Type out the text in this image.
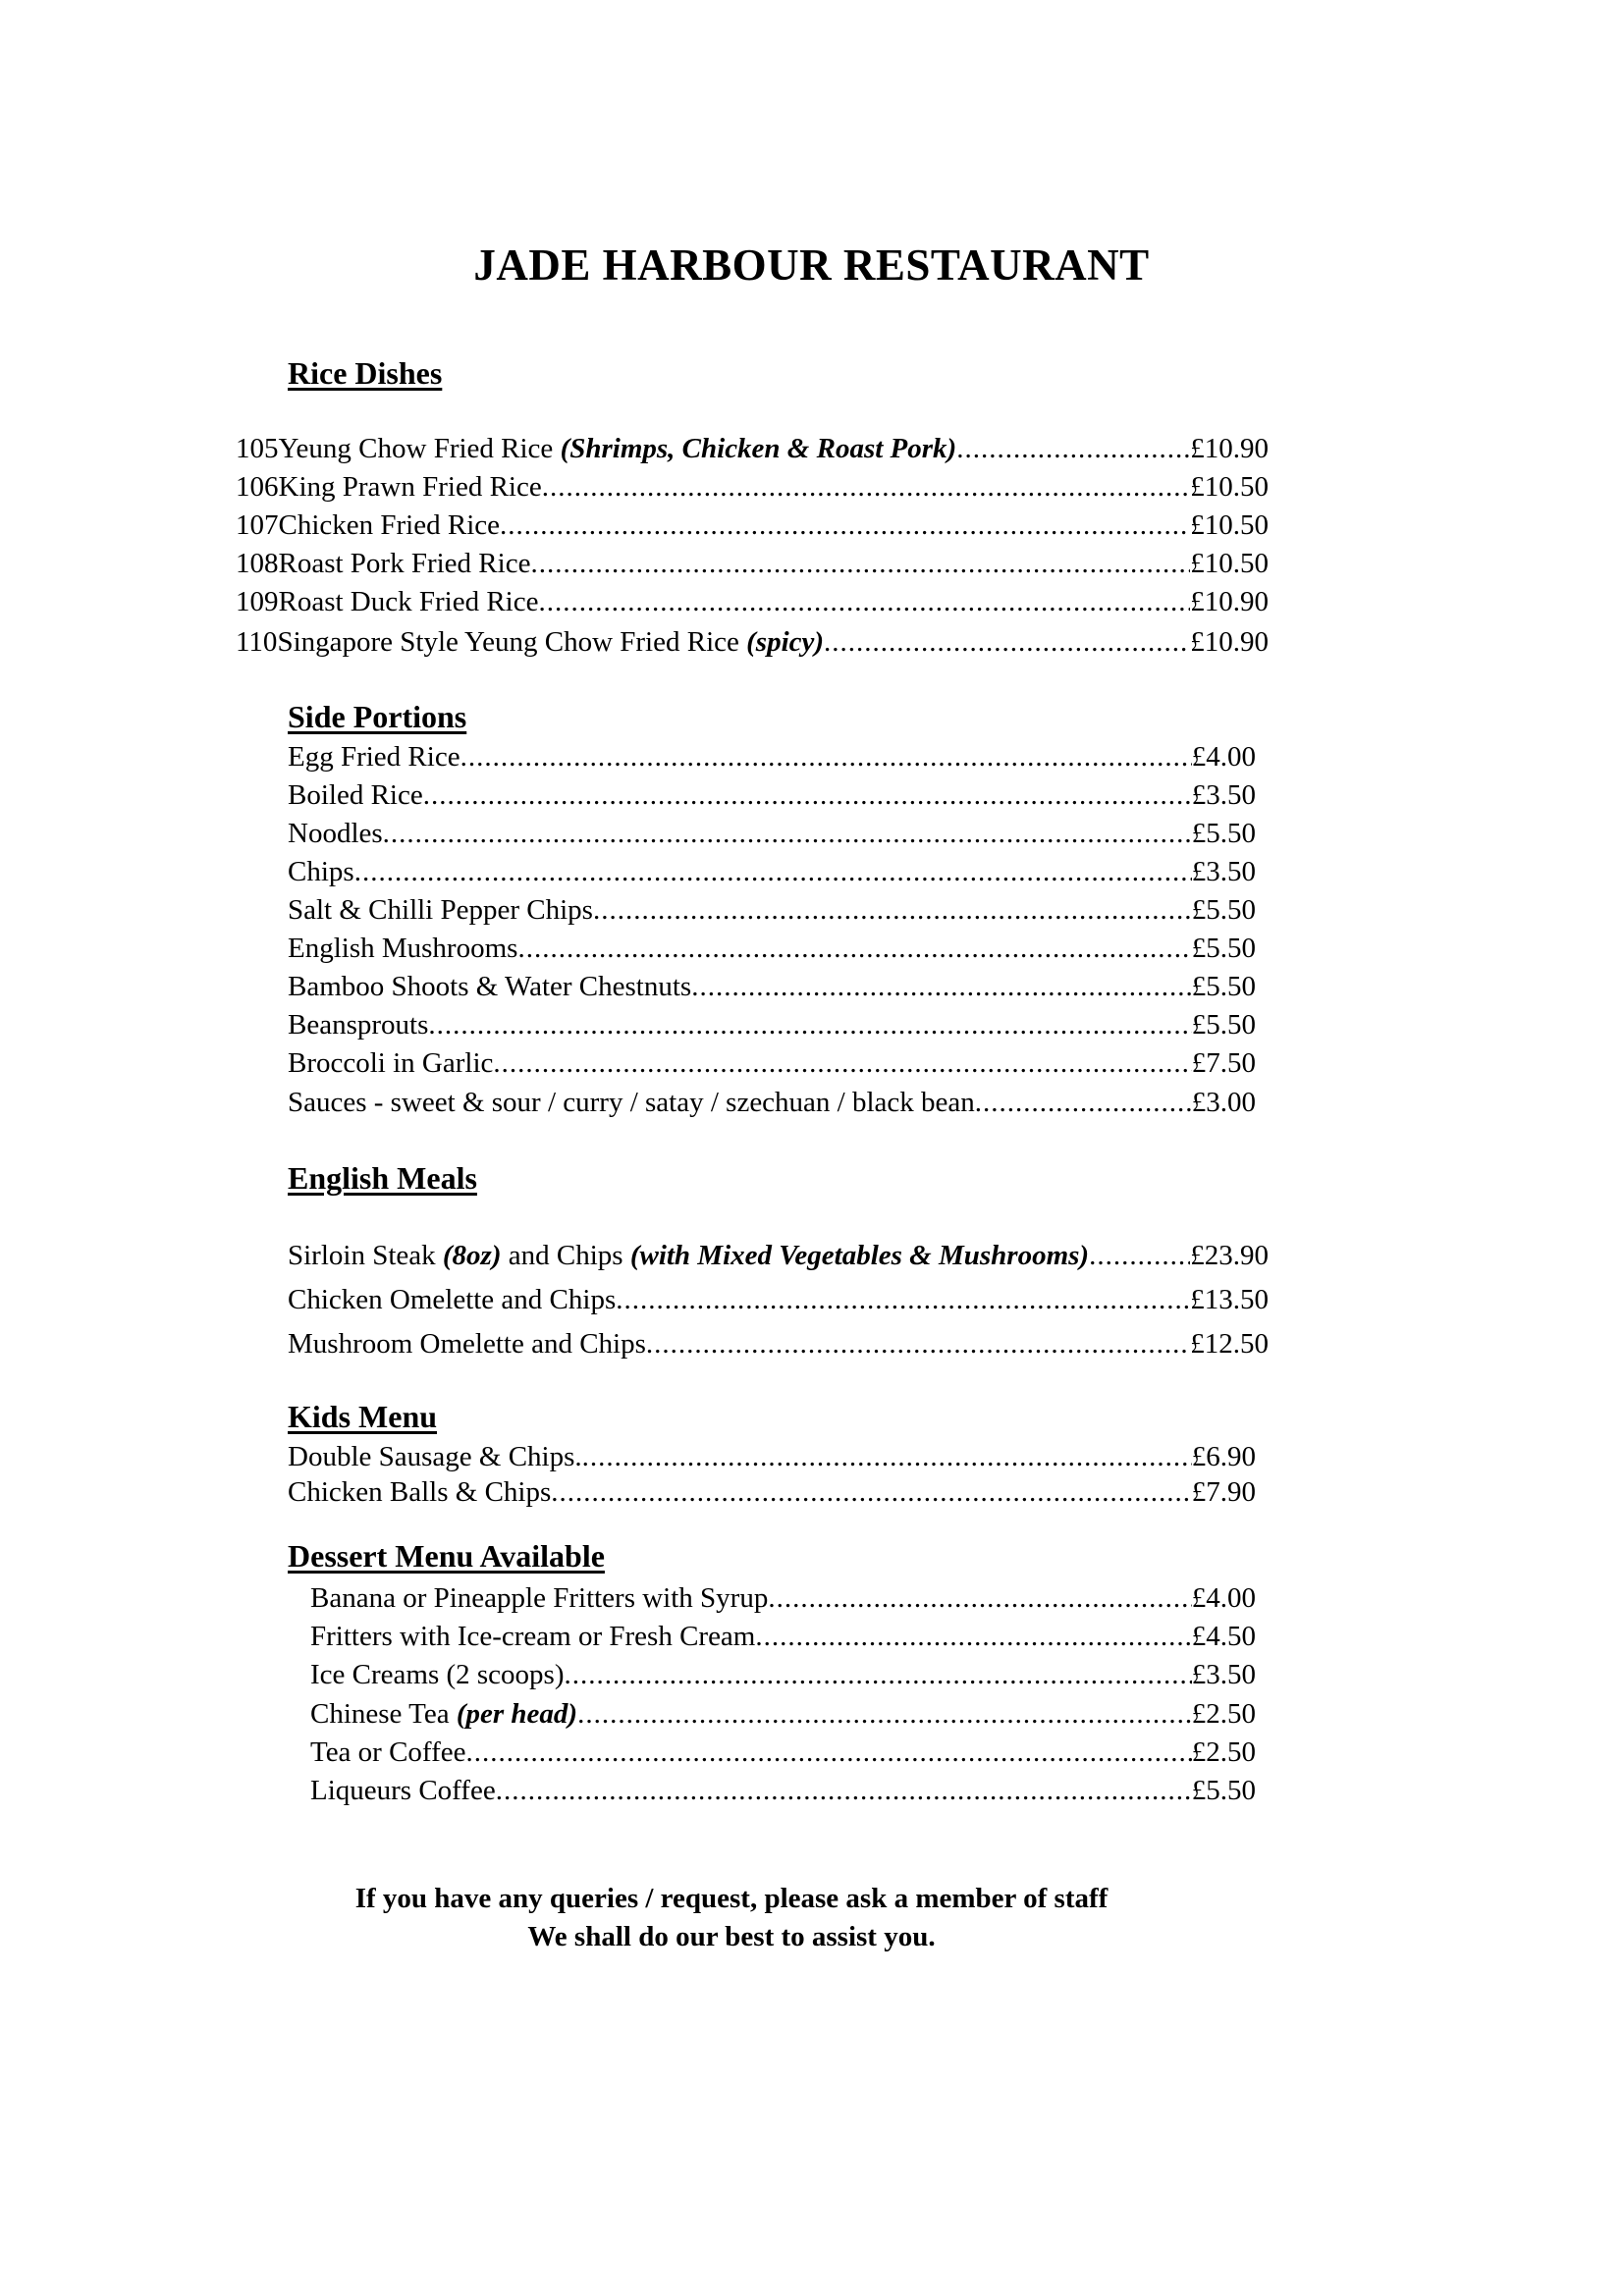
JADE HARBOUR RESTAURANT
Rice Dishes
105 Yeung Chow Fried Rice (Shrimps, Chicken & Roast Pork) .....	£10.90
106 King Prawn Fried Rice .....	£10.50
107 Chicken Fried Rice .....	£10.50
108 Roast Pork Fried Rice .....	£10.50
109 Roast Duck Fried Rice .....	£10.90
110 Singapore Style Yeung Chow Fried Rice (spicy) .....	£10.90
Side Portions
Egg Fried Rice .....	£4.00
Boiled Rice .....	£3.50
Noodles .....	£5.50
Chips .....	£3.50
Salt & Chilli Pepper Chips .....	£5.50
English Mushrooms .....	£5.50
Bamboo Shoots & Water Chestnuts .....	£5.50
Beansprouts .....	£5.50
Broccoli in Garlic .....	£7.50
Sauces - sweet & sour / curry / satay / szechuan / black bean .....	£3.00
English Meals
Sirloin Steak (8oz) and Chips (with Mixed Vegetables & Mushrooms) .....	£23.90
Chicken Omelette and Chips .....	£13.50
Mushroom Omelette and Chips .....	£12.50
Kids Menu
Double Sausage & Chips. .....	£6.90
Chicken Balls & Chips .....	£7.90
Dessert Menu Available
Banana or Pineapple Fritters with Syrup .....	£4.00
Fritters with Ice-cream or Fresh Cream .....	£4.50
Ice Creams (2 scoops) .....	£3.50
Chinese Tea (per head) .....	£2.50
Tea or Coffee .....	£2.50
Liqueurs Coffee .....	£5.50
If you have any queries / request, please ask a member of staff
We shall do our best to assist you.
